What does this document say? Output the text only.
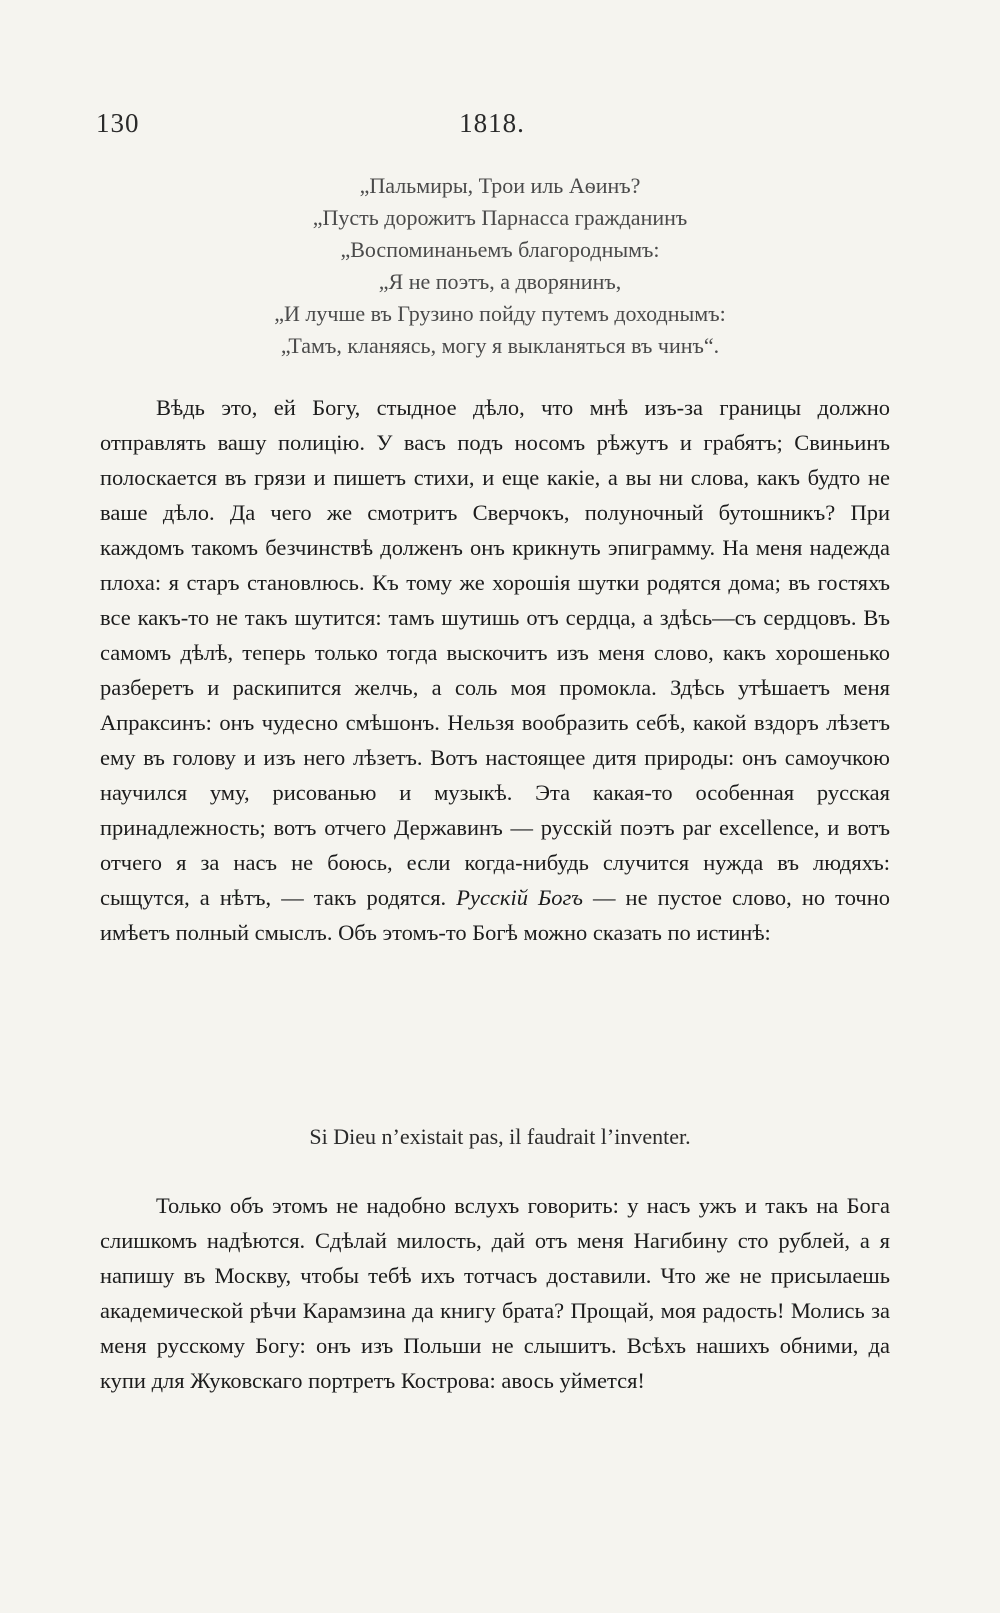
130	1818.
„Пальмиры, Трои иль Аѳинъ?
„Пусть дорожитъ Парнасса гражданинъ
„Воспоминаньемъ благороднымъ:
„Я не поэтъ, а дворянинъ,
„И лучше въ Грузино пойду путемъ доходнымъ:
„Тамъ, кланяясь, могу я выкланяться въ чинъ“.

Вѣдь это, ей Богу, стыдное дѣло, что мнѣ изъ-за границы должно отправлять вашу полицію. У васъ подъ носомъ рѣжутъ и грабятъ; Свиньинъ полоскается въ грязи и пишетъ стихи, и еще какіе, а вы ни слова, какъ будто не ваше дѣло. Да чего же смотритъ Сверчокъ, полуночный бутошникъ? При каждомъ такомъ безчинствѣ долженъ онъ крикнуть эпиграмму. На меня надежда плоха: я старъ становлюсь. Къ тому же хорошія шутки родятся дома; въ гостяхъ все какъ-то не такъ шутится: тамъ шутишь отъ сердца, а здѣсь—съ сердцовъ. Въ самомъ дѣлѣ, теперь только тогда выскочитъ изъ меня слово, какъ хорошенько разберетъ и раскипится желчь, а соль моя промокла. Здѣсь утѣшаетъ меня Апраксинъ: онъ чудесно смѣшонъ. Нельзя вообразить себѣ, какой вздоръ лѣзетъ ему въ голову и изъ него лѣзетъ. Вотъ настоящее дитя природы: онъ самоучкою научился уму, рисованью и музыкѣ. Эта какая-то особенная русская принадлежность; вотъ отчего Державинъ — русскій поэтъ par excellence, и вотъ отчего я за насъ не боюсь, если когда-нибудь случится нужда въ людяхъ: сыщутся, а нѣтъ, — такъ родятся. Русскій Богъ — не пустое слово, но точно имѣетъ полный смыслъ. Объ этомъ-то Богѣ можно сказать по истинѣ:

Si Dieu n’existait pas, il faudrait l’inventer.

Только объ этомъ не надобно вслухъ говорить: у насъ ужъ и такъ на Бога слишкомъ надѣются. Сдѣлай милость, дай отъ меня Нагибину сто рублей, а я напишу въ Москву, чтобы тебѣ ихъ тотчасъ доставили. Что же не присылаешь академической рѣчи Карамзина да книгу брата? Прощай, моя радость! Молись за меня русскому Богу: онъ изъ Польши не слышитъ. Всѣхъ нашихъ обними, да купи для Жуковскаго портретъ Кострова: авось уймется!
